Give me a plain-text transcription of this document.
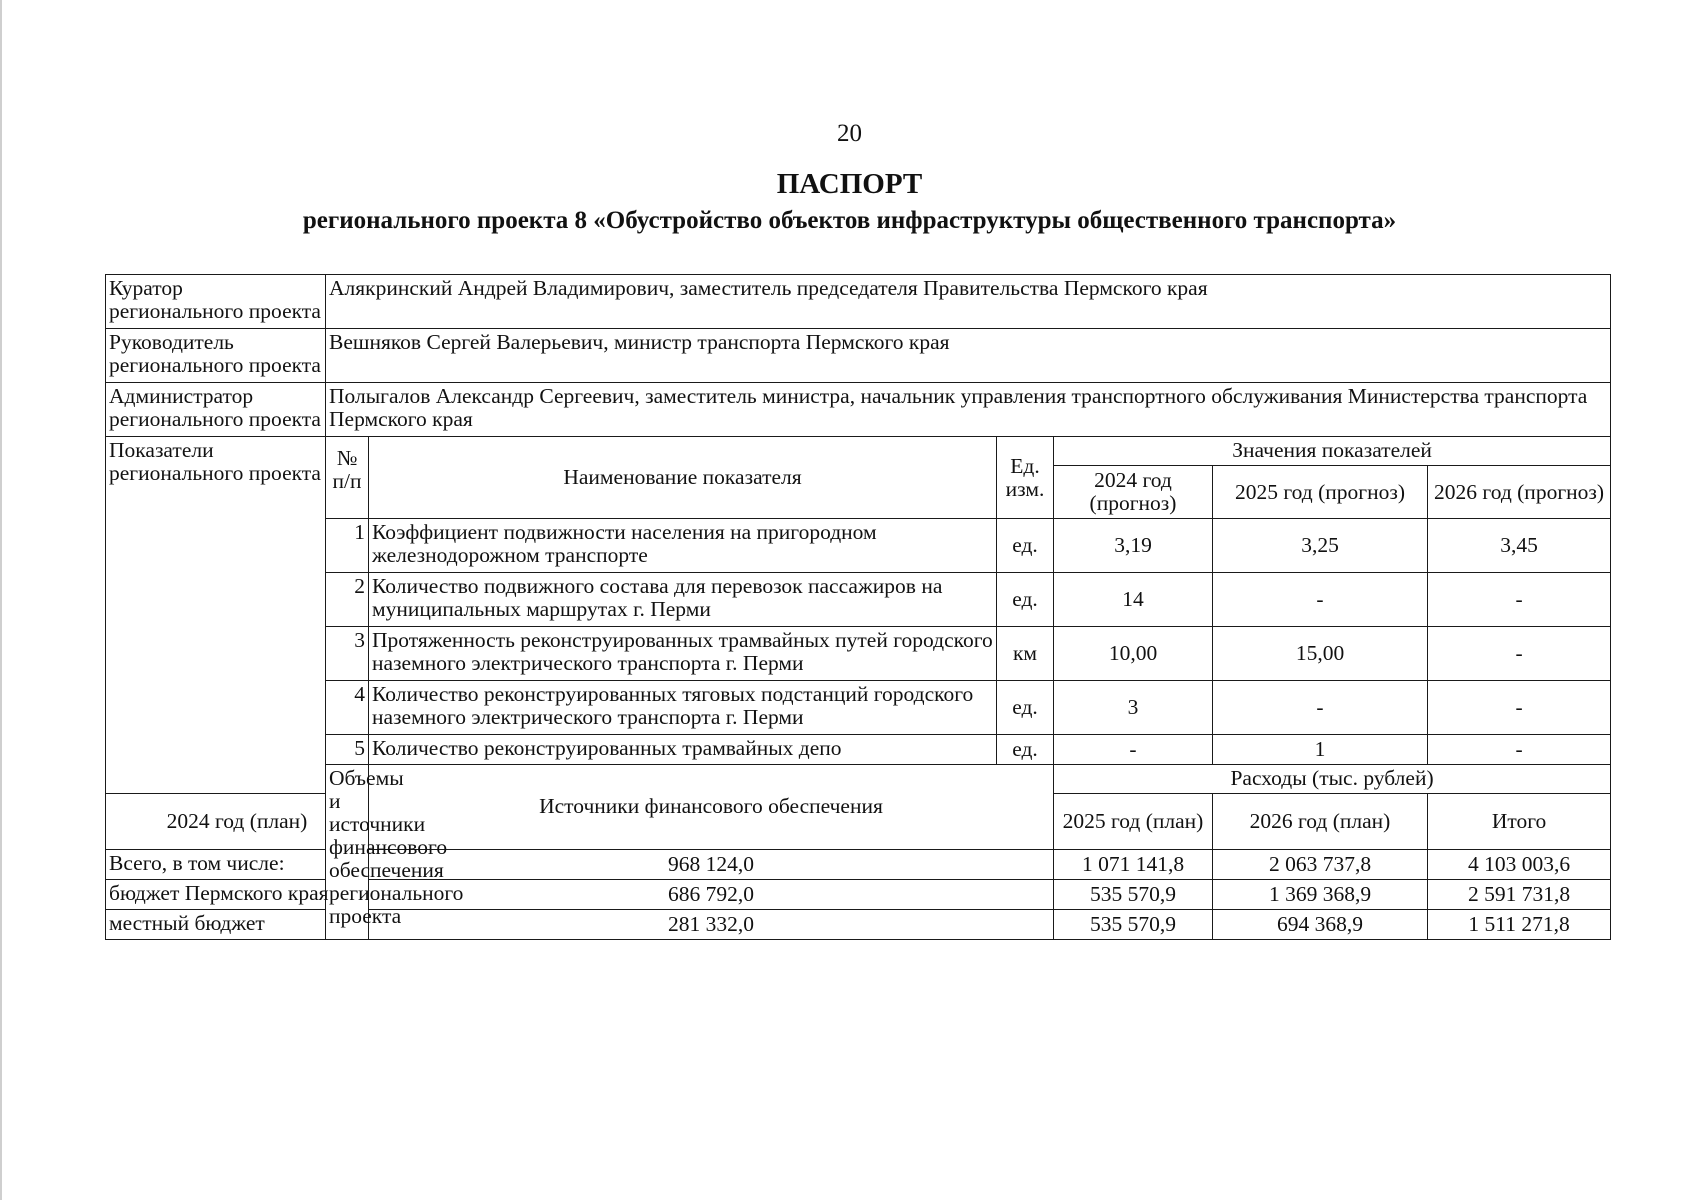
20
ПАСПОРТ
регионального проекта 8 «Обустройство объектов инфраструктуры общественного транспорта»
Куратор регионального проекта	Алякринский Андрей Владимирович, заместитель председателя Правительства Пермского края					
Руководитель регионального проекта	Вешняков Сергей Валерьевич, министр транспорта Пермского края					
Администратор регионального проекта	Полыгалов Александр Сергеевич, заместитель министра, начальник управления транспортного обслуживания Министерства транспорта Пермского края					
Показатели регионального проекта	№ п/п	Наименование показателя	Ед. изм.	Значения показателей		
				2024 год (прогноз)	2025 год (прогноз)	2026 год (прогноз)
	1	Коэффициент подвижности населения на пригородном железнодорожном транспорте	ед.	3,19	3,25	3,45
	2	Количество подвижного состава для перевозок пассажиров на муниципальных маршрутах г. Перми	ед.	14	-	-
	3	Протяженность реконструированных трамвайных путей городского наземного электрического транспорта г. Перми	км	10,00	15,00	-
	4	Количество реконструированных тяговых подстанций городского наземного электрического транспорта г. Перми	ед.	3	-	-
	5	Количество реконструированных трамвайных депо	ед.	-	1	-
	Объемы и источники финансового обеспечения регионального проекта	Источники финансового обеспечения		Расходы (тыс. рублей)		
2024 год (план)				2025 год (план)	2026 год (план)	Итого
Всего, в том числе:		968 124,0		1 071 141,8	2 063 737,8	4 103 003,6
бюджет Пермского края		686 792,0		535 570,9	1 369 368,9	2 591 731,8
местный бюджет		281 332,0		535 570,9	694 368,9	1 511 271,8
